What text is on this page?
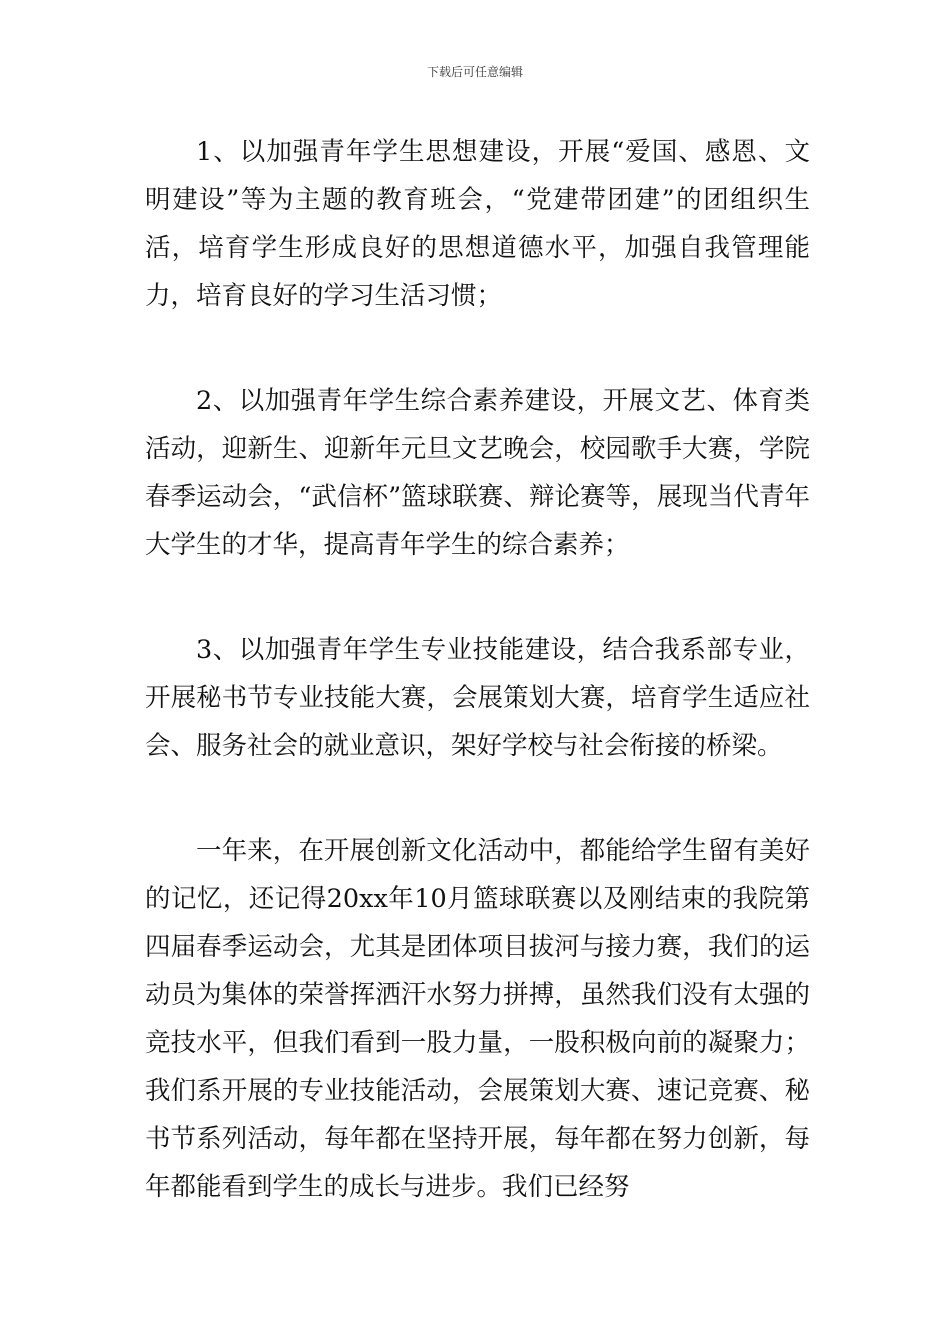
下载后可任意编辑

1、以加强青年学生思想建设，开展“爱国、感恩、文明建设”等为主题的教育班会，“党建带团建”的团组织生活，培育学生形成良好的思想道德水平，加强自我管理能力，培育良好的学习生活习惯；

2、以加强青年学生综合素养建设，开展文艺、体育类活动，迎新生、迎新年元旦文艺晚会，校园歌手大赛，学院春季运动会，“武信杯”篮球联赛、辩论赛等，展现当代青年大学生的才华，提高青年学生的综合素养；

3、以加强青年学生专业技能建设，结合我系部专业，开展秘书节专业技能大赛，会展策划大赛，培育学生适应社会、服务社会的就业意识，架好学校与社会衔接的桥梁。

一年来，在开展创新文化活动中，都能给学生留有美好的记忆，还记得20xx年10月篮球联赛以及刚结束的我院第四届春季运动会，尤其是团体项目拔河与接力赛，我们的运动员为集体的荣誉挥洒汗水努力拼搏，虽然我们没有太强的竞技水平，但我们看到一股力量，一股积极向前的凝聚力；我们系开展的专业技能活动，会展策划大赛、速记竞赛、秘书节系列活动，每年都在坚持开展，每年都在努力创新，每年都能看到学生的成长与进步。我们已经努
